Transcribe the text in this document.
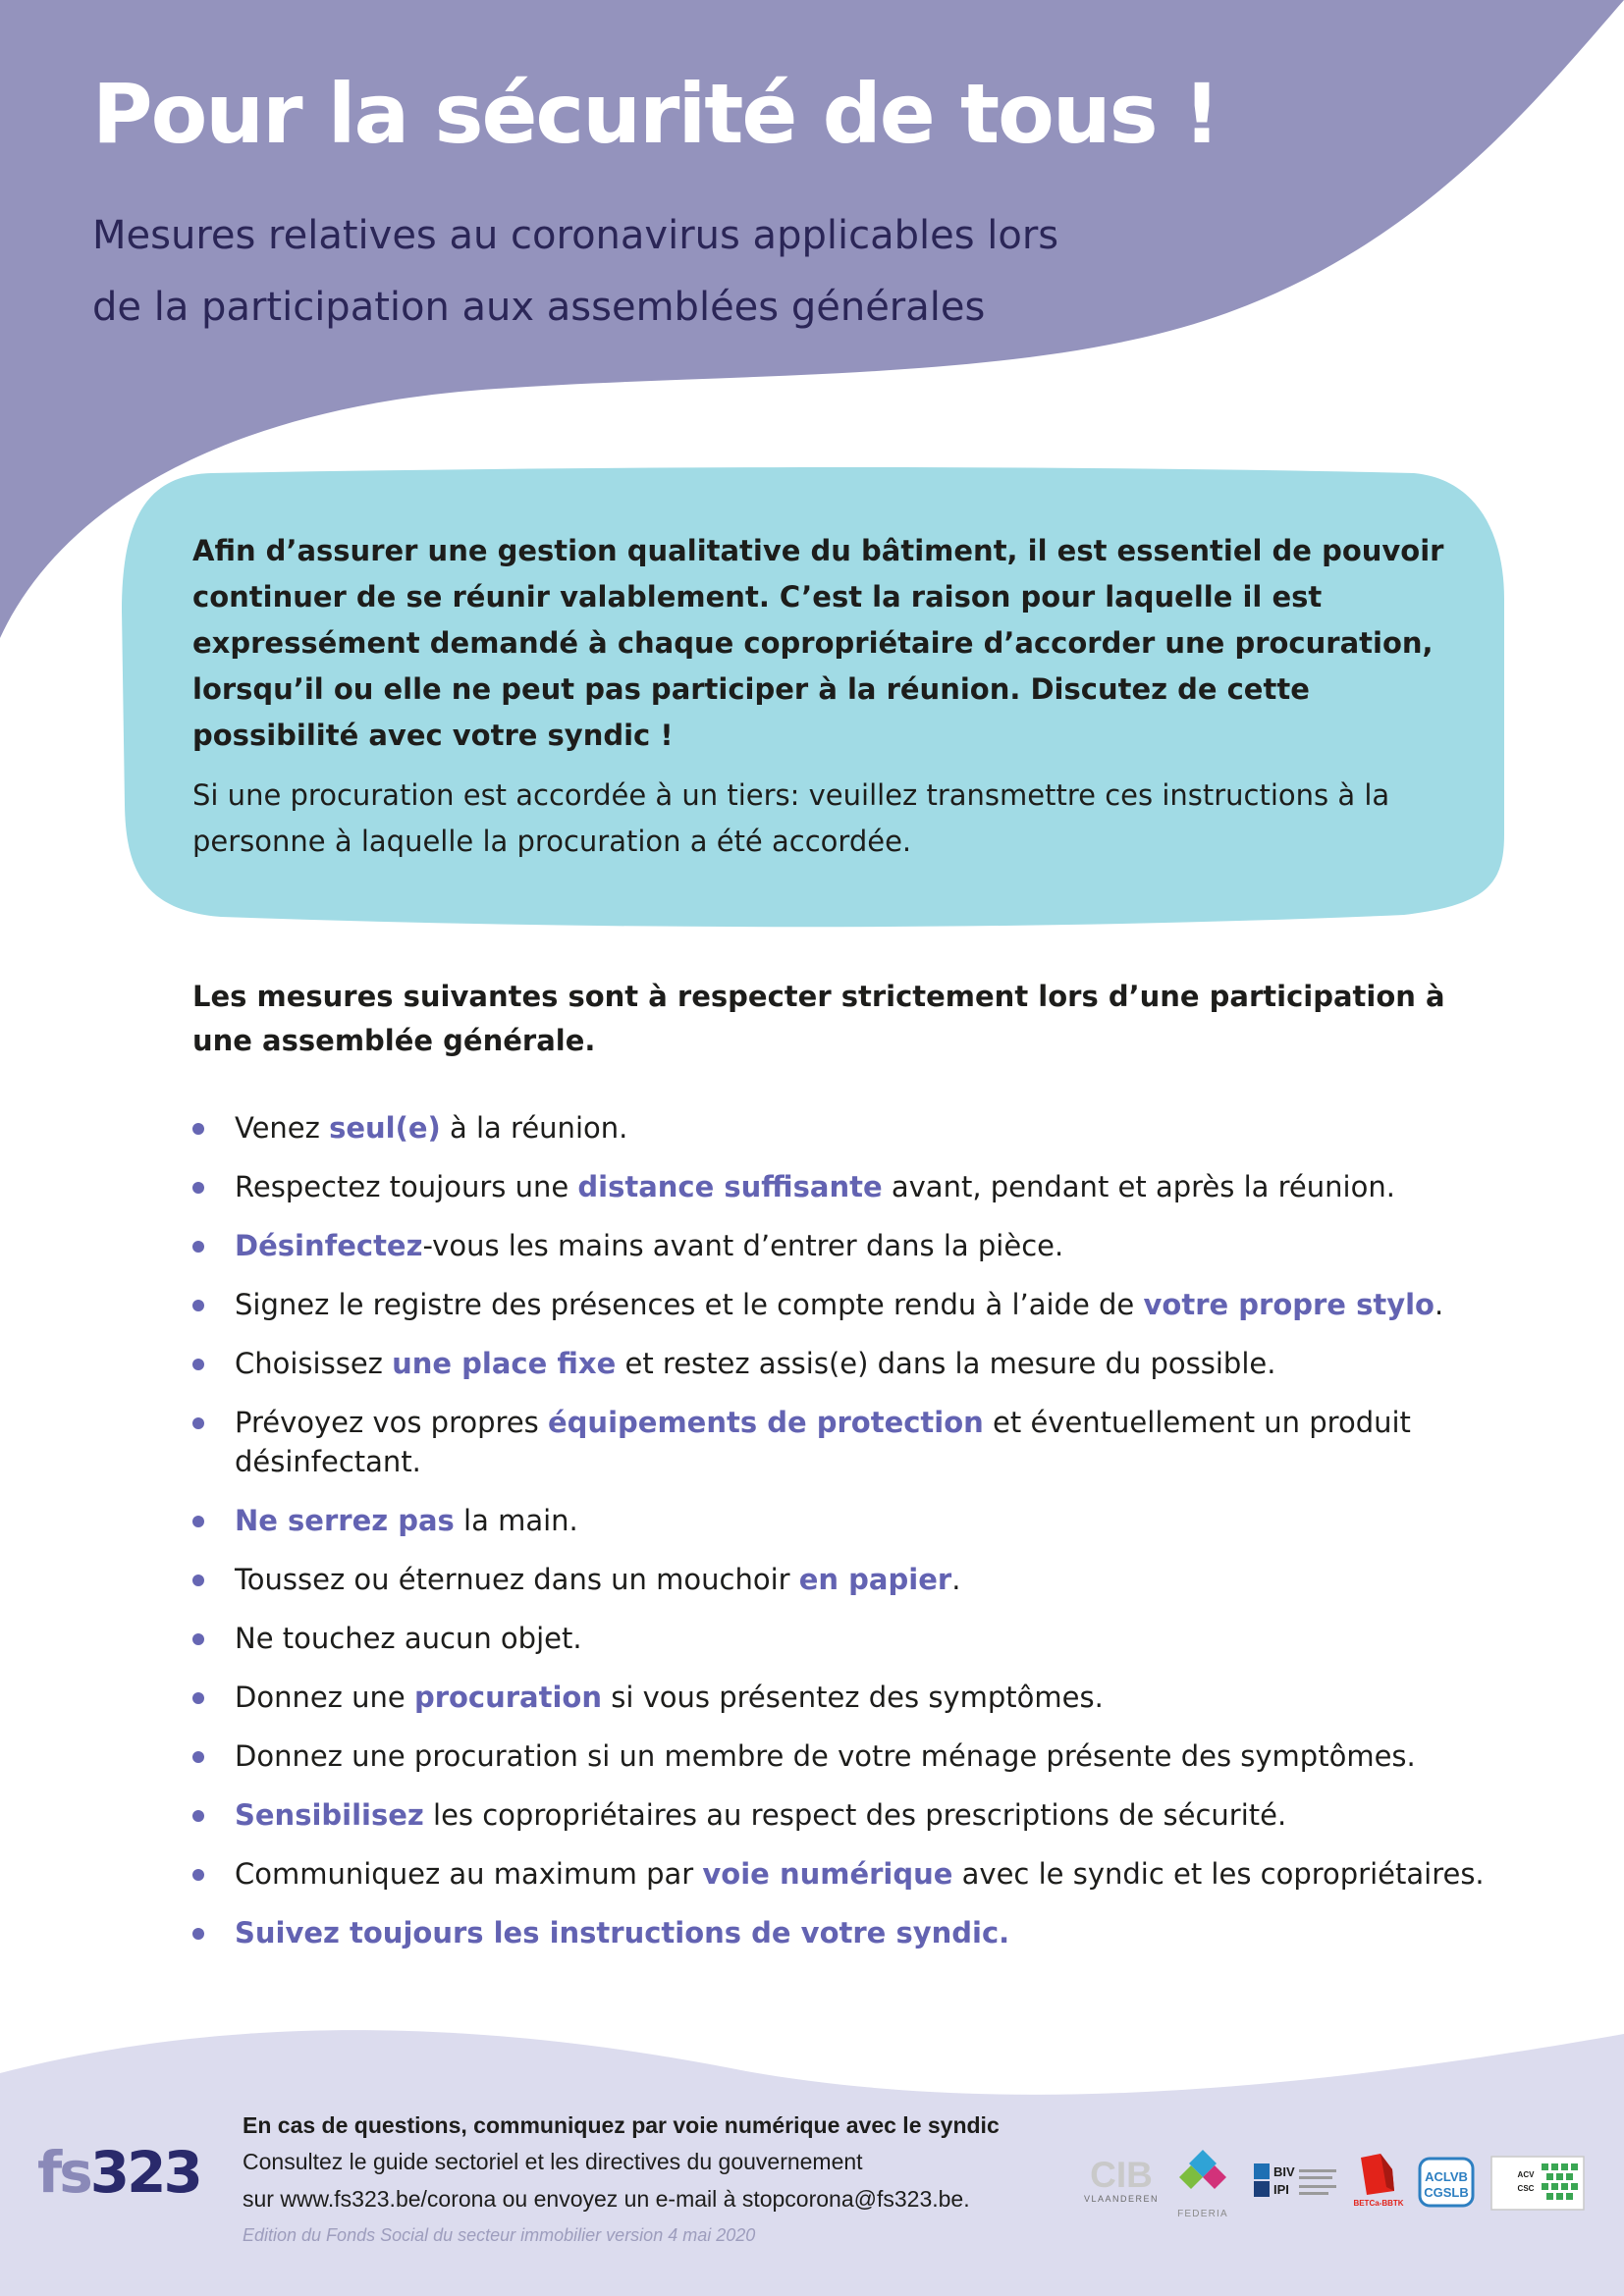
Pour la sécurité de tous !
Mesures relatives au coronavirus applicables lors
de la participation aux assemblées générales

Afin d’assurer une gestion qualitative du bâtiment, il est essentiel de pouvoir continuer de se réunir valablement. C’est la raison pour laquelle il est expressément demandé à chaque copropriétaire d’accorder une procuration, lorsqu’il ou elle ne peut pas participer à la réunion. Discutez de cette possibilité avec votre syndic !

Si une procuration est accordée à un tiers: veuillez transmettre ces instructions à la personne à laquelle la procuration a été accordée.

Les mesures suivantes sont à respecter strictement lors d’une participation à une assemblée générale.

Venez seul(e) à la réunion.
Respectez toujours une distance suffisante avant, pendant et après la réunion.
Désinfectez-vous les mains avant d’entrer dans la pièce.
Signez le registre des présences et le compte rendu à l’aide de votre propre stylo.
Choisissez une place fixe et restez assis(e) dans la mesure du possible.
Prévoyez vos propres équipements de protection et éventuellement un produit désinfectant.
Ne serrez pas la main.
Toussez ou éternuez dans un mouchoir en papier.
Ne touchez aucun objet.
Donnez une procuration si vous présentez des symptômes.
Donnez une procuration si un membre de votre ménage présente des symptômes.
Sensibilisez les copropriétaires au respect des prescriptions de sécurité.
Communiquez au maximum par voie numérique avec le syndic et les copropriétaires.
Suivez toujours les instructions de votre syndic.
fs323
En cas de questions, communiquez par voie numérique avec le syndic
Consultez le guide sectoriel et les directives du gouvernement
sur www.fs323.be/corona ou envoyez un e-mail à stopcorona@fs323.be.
Edition du Fonds Social du secteur immobilier version 4 mai 2020
CIB
VLAANDEREN
FEDERIA
BIV
IPI
BETCa-BBTK
ACLVB
CGSLB
ACV
CSC
